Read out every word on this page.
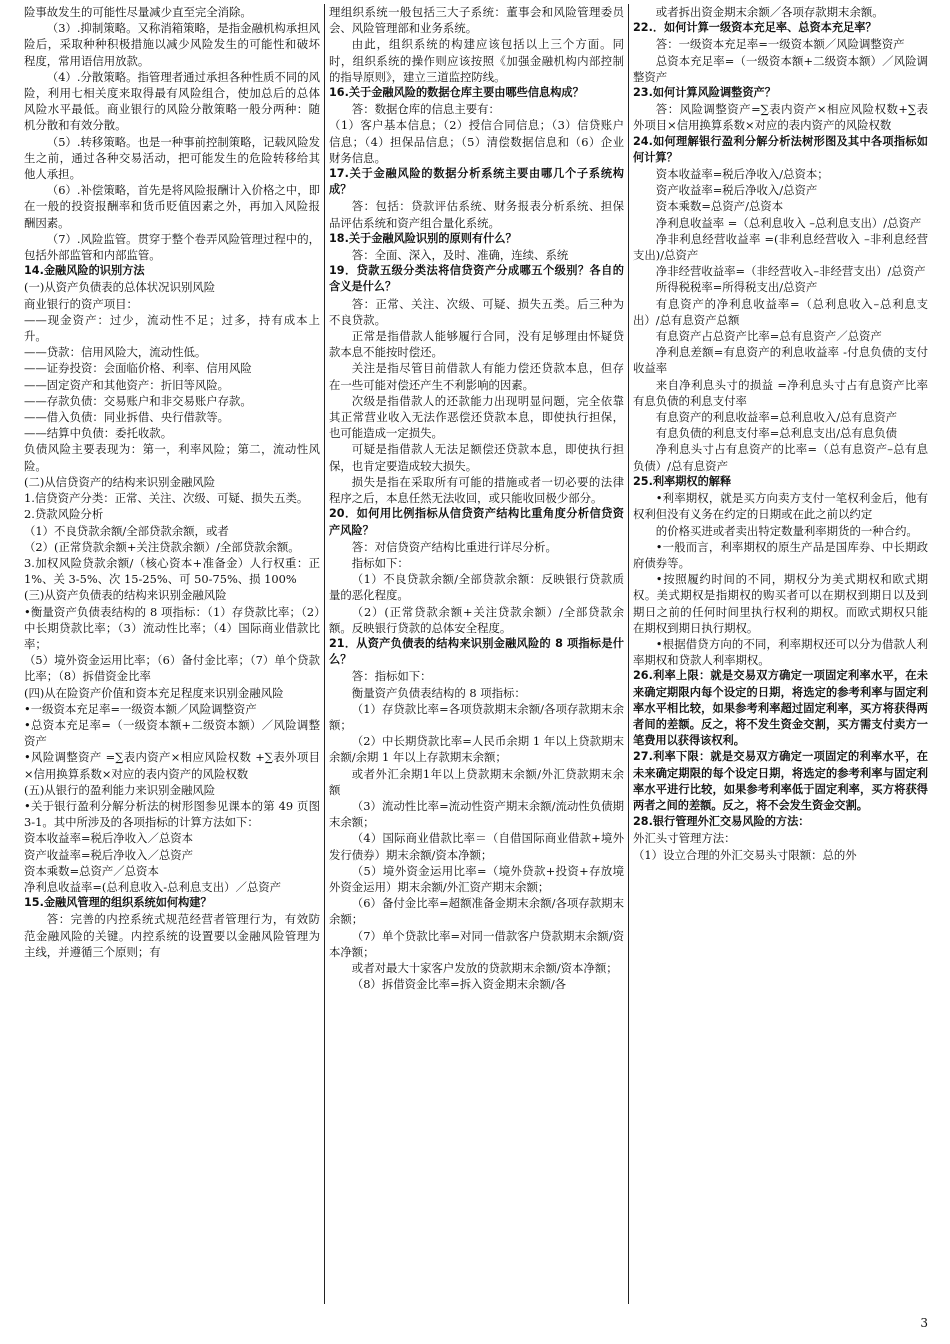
险事故发生的可能性尽量减少直至完全消除。

（3）.抑制策略。又称消箱策略，是指金融机构承担风险后，采取种种积极措施以减少风险发生的可能性和破坏程度，常用语信用放款。

（4）.分散策略。指管理者通过承担各种性质不同的风险，利用七相关度来取得最有风险组合，使加总后的总体风险水平最低。商业银行的风险分散策略一般分两种：随机分散和有效分散。

（5）.转移策略。也是一种事前控制策略，记载风险发生之前，通过各种交易活动，把可能发生的危险转移给其他人承担。

（6）.补偿策略，首先是将风险报酬计入价格之中，即在一般的投资报酬率和货币贬值因素之外，再加入风险报酬因素。

（7）.风险监管。贯穿于整个卷弄风险管理过程中的，包括外部监管和内部监管。

14.金融风险的识别方法

(一)从资产负债表的总体状况识别风险

商业银行的资产项目：

——现金资产：过少，流动性不足；过多，持有成本上升。

——贷款：信用风险大，流动性低。

——证券投资：会面临价格、利率、信用风险

——固定资产和其他资产：折旧等风险。

——存款负债：交易账户和非交易账户存款。

——借入负债：同业拆借、央行借款等。

——结算中负债：委托收款。

负债风险主要表现为：第一，利率风险；第二，流动性风险。

(二)从信贷资产的结构来识别金融风险

1.信贷资产分类：正常、关注、次级、可疑、损失五类。

2.贷款风险分析

（1）不良贷款余额/全部贷款余额，或者

（2）(正常贷款余额+关注贷款余额）/全部贷款余额。

3.加权风险贷款余额/（核心资本+准备金）人行权重：正 1%、关 3-5%、次 15-25%、可 50-75%、损 100%

(三)从资产负债表的结构来识别金融风险

•衡量资产负债表结构的 8 项指标：（1）存贷款比率；（2）中长期贷款比率；（3）流动性比率；（4）国际商业借款比率；

（5）境外资金运用比率；（6）备付金比率；（7）单个贷款比率；（8）拆借资金比率

(四)从在险资产价值和资本充足程度来识别金融风险

•一级资本充足率=一级资本额／风险调整资产

•总资本充足率=（一级资本额+二级资本额）／风险调整资产

•风险调整资产 =∑表内资产×相应风险权数 +∑表外项目×信用换算系数×对应的表内资产的风险权数

(五)从银行的盈利能力来识别金融风险

•关于银行盈利分解分析法的树形图参见课本的第 49 页图 3-1。其中所涉及的各项指标的计算方法如下：

资本收益率=税后净收入／总资本

资产收益率=税后净收入／总资产

资本乘数=总资产／总资本

净利息收益率=(总利息收入-总利息支出）／总资产

15.金融风管理的组织系统如何构建？

答：完善的内控系统式规范经营者管理行为，有效防范金融风险的关键。内控系统的设置要以金融风险管理为主线，并遵循三个原则；有

理组织系统一般包括三大子系统：董事会和风险管理委员会、风险管理部和业务系统。

由此，组织系统的构建应该包括以上三个方面。同时，组织系统的操作则应该按照《加强金融机构内部控制的指导原则》，建立三道监控防线。

16.关于金融风险的数据仓库主要由哪些信息构成？

答：数据仓库的信息主要有：

（1）客户基本信息；（2）授信合同信息；（3）信贷账户信息；（4）担保品信息；（5）清偿数据信息和（6）企业财务信息。

17.关于金融风险的数据分析系统主要由哪几个子系统构成？

答：包括：贷款评估系统、财务报表分析系统、担保品评估系统和资产组合量化系统。

18.关于金融风险识别的原则有什么？

答：全面、深入，及时、准确，连续、系统

19．贷款五级分类法将信贷资产分成哪五个级别？各自的含义是什么？

答：正常、关注、次级、可疑、损失五类。后三种为不良贷款。

正常是指借款人能够履行合同，没有足够理由怀疑贷款本息不能按时偿还。

关注是指尽管目前借款人有能力偿还贷款本息，但存在一些可能对偿还产生不利影响的因素。

次级是指借款人的还款能力出现明显问题，完全依靠其正常营业收入无法作恶偿还贷款本息，即使执行担保，也可能造成一定损失。

可疑是指借款人无法足额偿还贷款本息，即使执行担保，也肯定要造成较大损失。

损失是指在采取所有可能的措施或者一切必要的法律程序之后，本息任然无法收回，或只能收回极少部分。

20．如何用比例指标从信贷资产结构比重角度分析信贷资产风险？

答：对信贷资产结构比重进行详尽分析。

指标如下：

（1）不良贷款余额/全部贷款余额：反映银行贷款质量的恶化程度。

（2）(正常贷款余额+关注贷款余额）/全部贷款余额。反映银行贷款的总体安全程度。

21．从资产负债表的结构来识别金融风险的 8 项指标是什么？

答：指标如下：

衡量资产负债表结构的 8 项指标：

（1）存贷款比率=各项贷款期末余额/各项存款期末余额；

（2）中长期贷款比率=人民币余期 1 年以上贷款期末余额/余期 1 年以上存款期末余额；

或者外汇余期1年以上贷款期末余额/外汇贷款期末余额

（3）流动性比率=流动性资产期末余额/流动性负债期末余额；

（4）国际商业借款比率＝（自借国际商业借款+境外发行债券）期末余额/资本净额；

（5）境外资金运用比率=（境外贷款+投资+存放境外资金运用）期末余额/外汇资产期末余额；

（6）备付金比率=超额准备金期末余额/各项存款期末余额；

（7）单个贷款比率=对同一借款客户贷款期末余额/资本净额；

或者对最大十家客户发放的贷款期末余额/资本净额；

（8）拆借资金比率=拆入资金期末余额/各

或者拆出资金期末余额／各项存款期末余额。

22.．如何计算一级资本充足率、总资本充足率？

答：一级资本充足率=一级资本额／风险调整资产

总资本充足率=（一级资本额+二级资本额）／风险调整资产

23.如何计算风险调整资产？

答：风险调整资产=∑表内资产×相应风险权数+∑表外项目×信用换算系数×对应的表内资产的风险权数

24.如何理解银行盈利分解分析法树形图及其中各项指标如何计算？

资本收益率=税后净收入/总资本；

资产收益率=税后净收入/总资产

资本乘数=总资产/总资本

净利息收益率 =（总利息收入 –总利息支出）/总资产

净非利息经营收益率 =(非利息经营收入 –非利息经营支出)/总资产

净非经营收益率=（非经营收入–非经营支出）/总资产

所得税税率=所得税支出/总资产

有息资产的净利息收益率=（总利息收入–总利息支出）/总有息资产总额

有息资产占总资产比率=总有息资产／总资产

净利息差额=有息资产的利息收益率 -付息负债的支付收益率

来自净利息头寸的损益 =净利息头寸占有息资产比率　有息负债的利息支付率

有息资产的利息收益率=总利息收入/总有息资产

有息负债的利息支付率=总利息支出/总有息负债

净利息头寸占有息资产的比率=（总有息资产–总有息负债）/总有息资产

25.利率期权的解释

•利率期权，就是买方向卖方支付一笔权利金后，他有权利但没有义务在约定的日期或在此之前以约定

的价格买进或者卖出特定数量利率期货的一种合约。

•一般而言，利率期权的原生产品是国库券、中长期政府债券等。

•按照履约时间的不同，期权分为美式期权和欧式期权。美式期权是指期权的购买者可以在期权到期日以及到期日之前的任何时间里执行权利的期权。而欧式期权只能在期权到期日执行期权。

•根据借贷方向的不同，利率期权还可以分为借款人利率期权和贷款人利率期权。

26.利率上限：就是交易双方确定一项固定利率水平，在未来确定期限内每个设定的日期，将选定的参考利率与固定利率水平相比较，如果参考利率超过固定利率，买方将获得两者间的差额。反之，将不发生资金交割，买方需支付卖方一笔费用以获得该权利。

27.利率下限：就是交易双方确定一项固定的利率水平，在未来确定期限的每个设定日期，将选定的参考利率与固定利率水平进行比较，如果参考利率低于固定利率，买方将获得两者之间的差额。反之，将不会发生资金交割。

28.银行管理外汇交易风险的方法：

外汇头寸管理方法：

（1）设立合理的外汇交易头寸限额：总的外

3
